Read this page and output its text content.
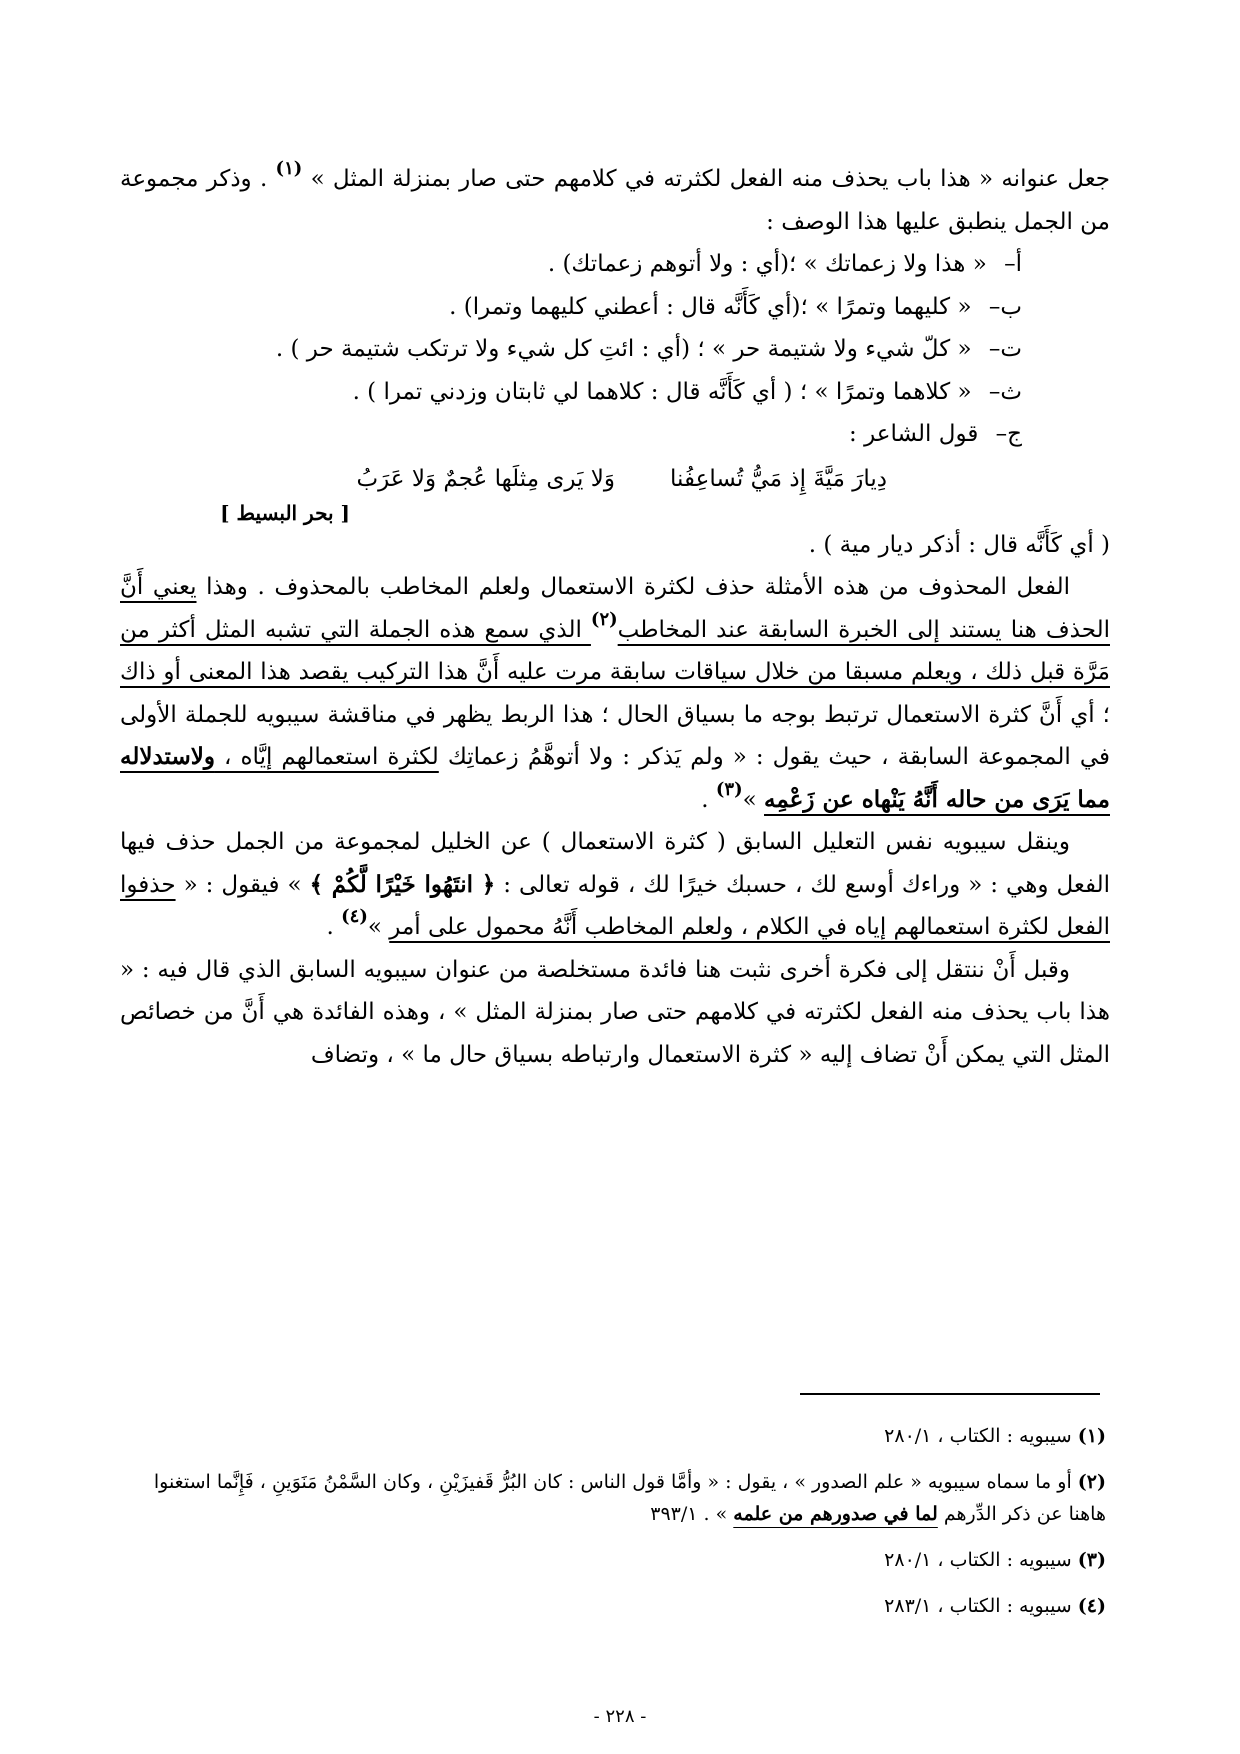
جعل عنوانه « هذا باب يحذف منه الفعل لكثرته في كلامهم حتى صار بمنزلة المثل » $^{(١)}$ . وذكر مجموعة من الجمل ينطبق عليها هذا الوصف :

أ– « هذا ولا زعماتك » ؛(أي : ولا أتوهم زعماتك) .
ب– « كليهما وتمرًا » ؛(أي كَأَنَّه قال : أعطني كليهما وتمرا) .
ت– « كلّ شيء ولا شتيمة حر » ؛ (أي : ائتِ كل شيء ولا ترتكب شتيمة حر ) .
ث– « كلاهما وتمرًا » ؛ ( أي كَأَنَّه قال : كلاهما لي ثابتان وزدني تمرا ) .
ج– قول الشاعر :
دِيارَ مَيَّةَ إِذ مَيُّ تُساعِفُنا
وَلا يَرى مِثلَها عُجمٌ وَلا عَرَبُ
[ بحر البسيط ]

( أي كَأَنَّه قال : أذكر ديار مية ) .

الفعل المحذوف من هذه الأمثلة حذف لكثرة الاستعمال ولعلم المخاطب بالمحذوف . وهذا يعني أَنَّ الحذف هنا يستند إلى الخبرة السابقة عند المخاطب$^{(٢)}$ الذي سمع هذه الجملة التي تشبه المثل أكثر من مَرَّة قبل ذلك ، ويعلم مسبقا من خلال سياقات سابقة مرت عليه أَنَّ هذا التركيب يقصد هذا المعنى أو ذاك ؛ أي أَنَّ كثرة الاستعمال ترتبط بوجه ما بسياق الحال ؛ هذا الربط يظهر في مناقشة سيبويه للجملة الأولى في المجموعة السابقة ، حيث يقول : « ولم يَذكر : ولا أتوهَّمُ زعماتِك لكثرة استعمالهم إيَّاه ، ولاستدلاله مما يَرَى من حاله أَنَّهُ يَنْهاه عن زَعْمِه »$^{(٣)}$ .

وينقل سيبويه نفس التعليل السابق ( كثرة الاستعمال ) عن الخليل لمجموعة من الجمل حذف فيها الفعل وهي : « وراءك أوسع لك ، حسبك خيرًا لك ، قوله تعالى : ﴿ انتَهُوا خَيْرًا لَّكُمْ ﴾ » فيقول : « حذفوا الفعل لكثرة استعمالهم إياه في الكلام ، ولعلم المخاطب أَنَّهُ محمول على أمر »$^{(٤)}$ .

وقبل أَنْ ننتقل إلى فكرة أخرى نثبت هنا فائدة مستخلصة من عنوان سيبويه السابق الذي قال فيه : « هذا باب يحذف منه الفعل لكثرته في كلامهم حتى صار بمنزلة المثل » ، وهذه الفائدة هي أَنَّ من خصائص المثل التي يمكن أَنْ تضاف إليه « كثرة الاستعمال وارتباطه بسياق حال ما » ، وتضاف

(١) سيبويه : الكتاب ، ٢٨٠/١

(٢) أو ما سماه سيبويه « علم الصدور » ، يقول : « وأمَّا قول الناس : كان البُرُّ قَفيزَيْنِ ، وكان السَّمْنُ مَنَوَينِ ، فَإِنَّما استغنوا هاهنا عن ذكر الدِّرهم لما في صدورهم من علمه » . ٣٩٣/١

(٣) سيبويه : الكتاب ، ٢٨٠/١

(٤) سيبويه : الكتاب ، ٢٨٣/١

- ٢٢٨ -
